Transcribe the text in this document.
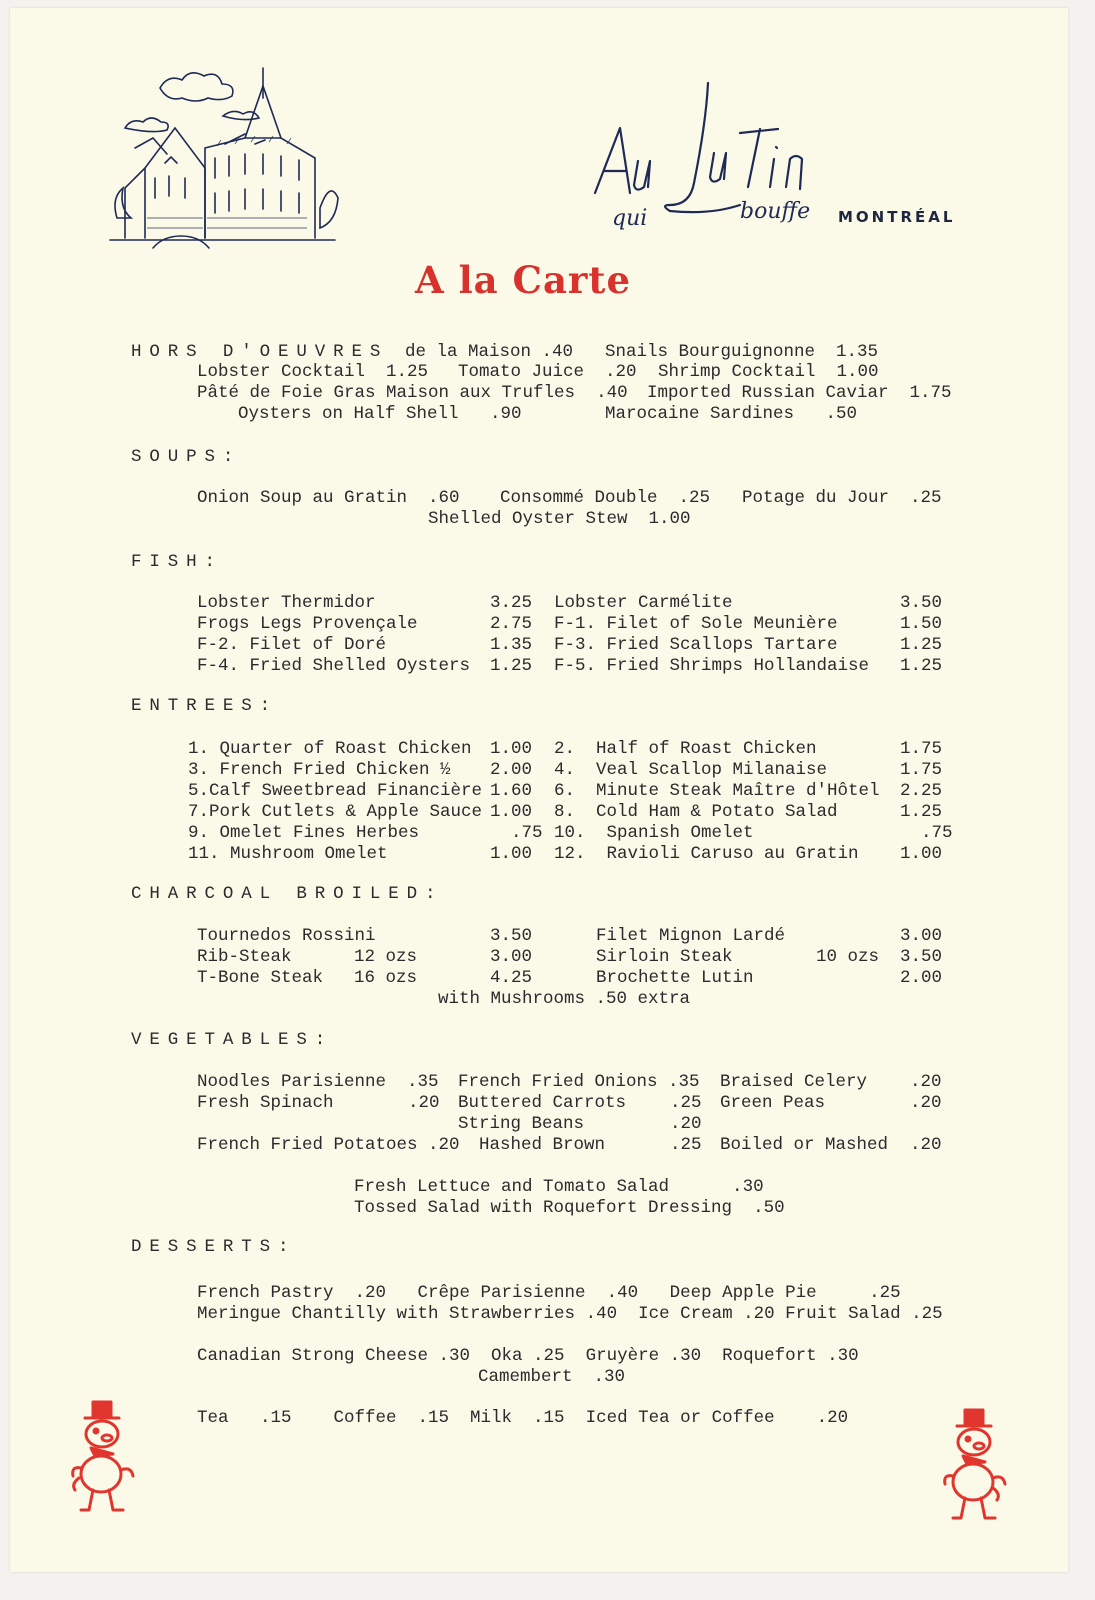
qui	bouffe MONTRÉAL
A la Carte
HORS D'OEUVRES de la Maison .40 Snails Bourguignonne  1.35
Lobster Cocktail  1.25 Tomato Juice  .20 Shrimp Cocktail  1.00
Pâté de Foie Gras Maison aux Trufles  .40 Imported Russian Caviar  1.75
Oysters on Half Shell   .90	Marocaine Sardines   .50
SOUPS:
Onion Soup au Gratin  .60 Consommé Double  .25 Potage du Jour  .25
Shelled Oyster Stew  1.00
FISH:
Lobster Thermidor	3.25 Lobster Carmélite	3.50
Frogs Legs Provençale	2.75 F-1. Filet of Sole Meunière	1.50
F-2. Filet of Doré	1.35 F-3. Fried Scallops Tartare	1.25
F-4. Fried Shelled Oysters 1.25 F-5. Fried Shrimps Hollandaise 1.25
ENTREES:
1. Quarter of Roast Chicken 1.00 2.  Half of Roast Chicken	1.75
3. French Fried Chicken ½ 2.00 4.  Veal Scallop Milanaise	1.75
5.Calf Sweetbread Financière 1.60 6.  Minute Steak Maître d'Hôtel 2.25
7.Pork Cutlets & Apple Sauce 1.00 8.  Cold Ham & Potato Salad	1.25
9. Omelet Fines Herbes	.75 10.  Spanish Omelet	.75
11. Mushroom Omelet	1.00 12.  Ravioli Caruso au Gratin 1.00
CHARCOAL BROILED:
Tournedos Rossini	3.50	Filet Mignon Lardé	3.00
Rib-Steak	12 ozs	3.00	Sirloin Steak	10 ozs 3.50
T-Bone Steak 16 ozs	4.25	Brochette Lutin	2.00
with Mushrooms .50 extra
VEGETABLES:
Noodles Parisienne  .35 French Fried Onions .35 Braised Celery .20
Fresh Spinach	.20 Buttered Carrots	.25 Green Peas	.20
String Beans	.20
French Fried Potatoes .20 Hashed Brown	.25 Boiled or Mashed .20
Fresh Lettuce and Tomato Salad      .30
Tossed Salad with Roquefort Dressing  .50
DESSERTS:
French Pastry  .20   Crêpe Parisienne  .40   Deep Apple Pie     .25
Meringue Chantilly with Strawberries .40  Ice Cream .20 Fruit Salad .25
Canadian Strong Cheese .30  Oka .25  Gruyère .30  Roquefort .30
Camembert  .30
Tea   .15    Coffee  .15  Milk  .15  Iced Tea or Coffee    .20
